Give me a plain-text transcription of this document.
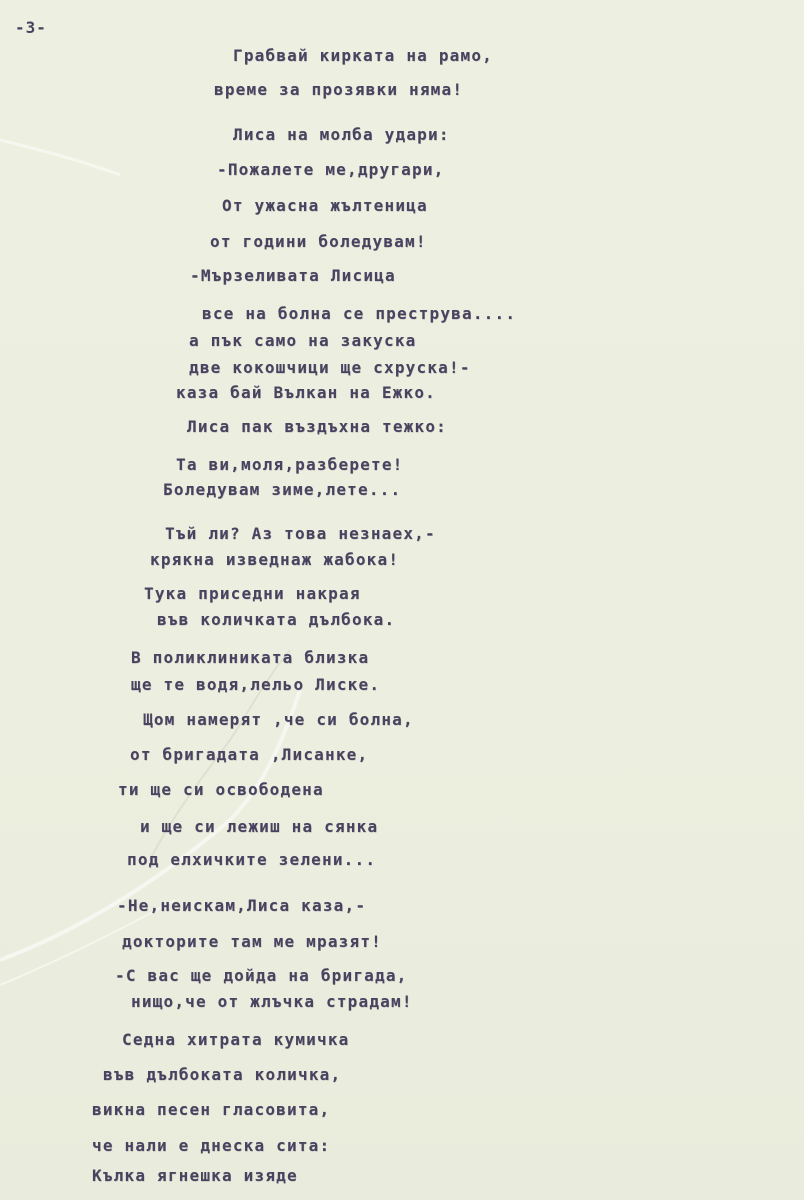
-3-
Грабвай кирката на рамо,
време за прозявки няма!
Лиса на молба удари:
-Пожалете ме,другари,
От ужасна жълтеница
от години боледувам!
-Мързеливата Лисица
все на болна се преструва....
а пък само на закуска
две кокошчици ще схруска!-
каза бай Вълкан на Ежко.
Лиса пак въздъхна тежко:
Та ви,моля,разберете!
Боледувам зиме,лете...
Тъй ли? Аз това незнаех,-
крякна изведнаж жабока!
Тука приседни накрая
във количката дълбока.
В поликлиниката близка
ще те водя,лельо Лиске.
Щом намерят ,че си болна,
от бригадата ,Лисанке,
ти ще си освободена
и ще си лежиш на сянка
под елхичките зелени...
-Не,неискам,Лиса каза,-
докторите там ме мразят!
-С вас ще дойда на бригада,
нищо,че от жлъчка страдам!
Седна хитрата кумичка
във дълбоката количка,
викна песен гласовита,
че нали е днеска сита:
Кълка ягнешка изяде
